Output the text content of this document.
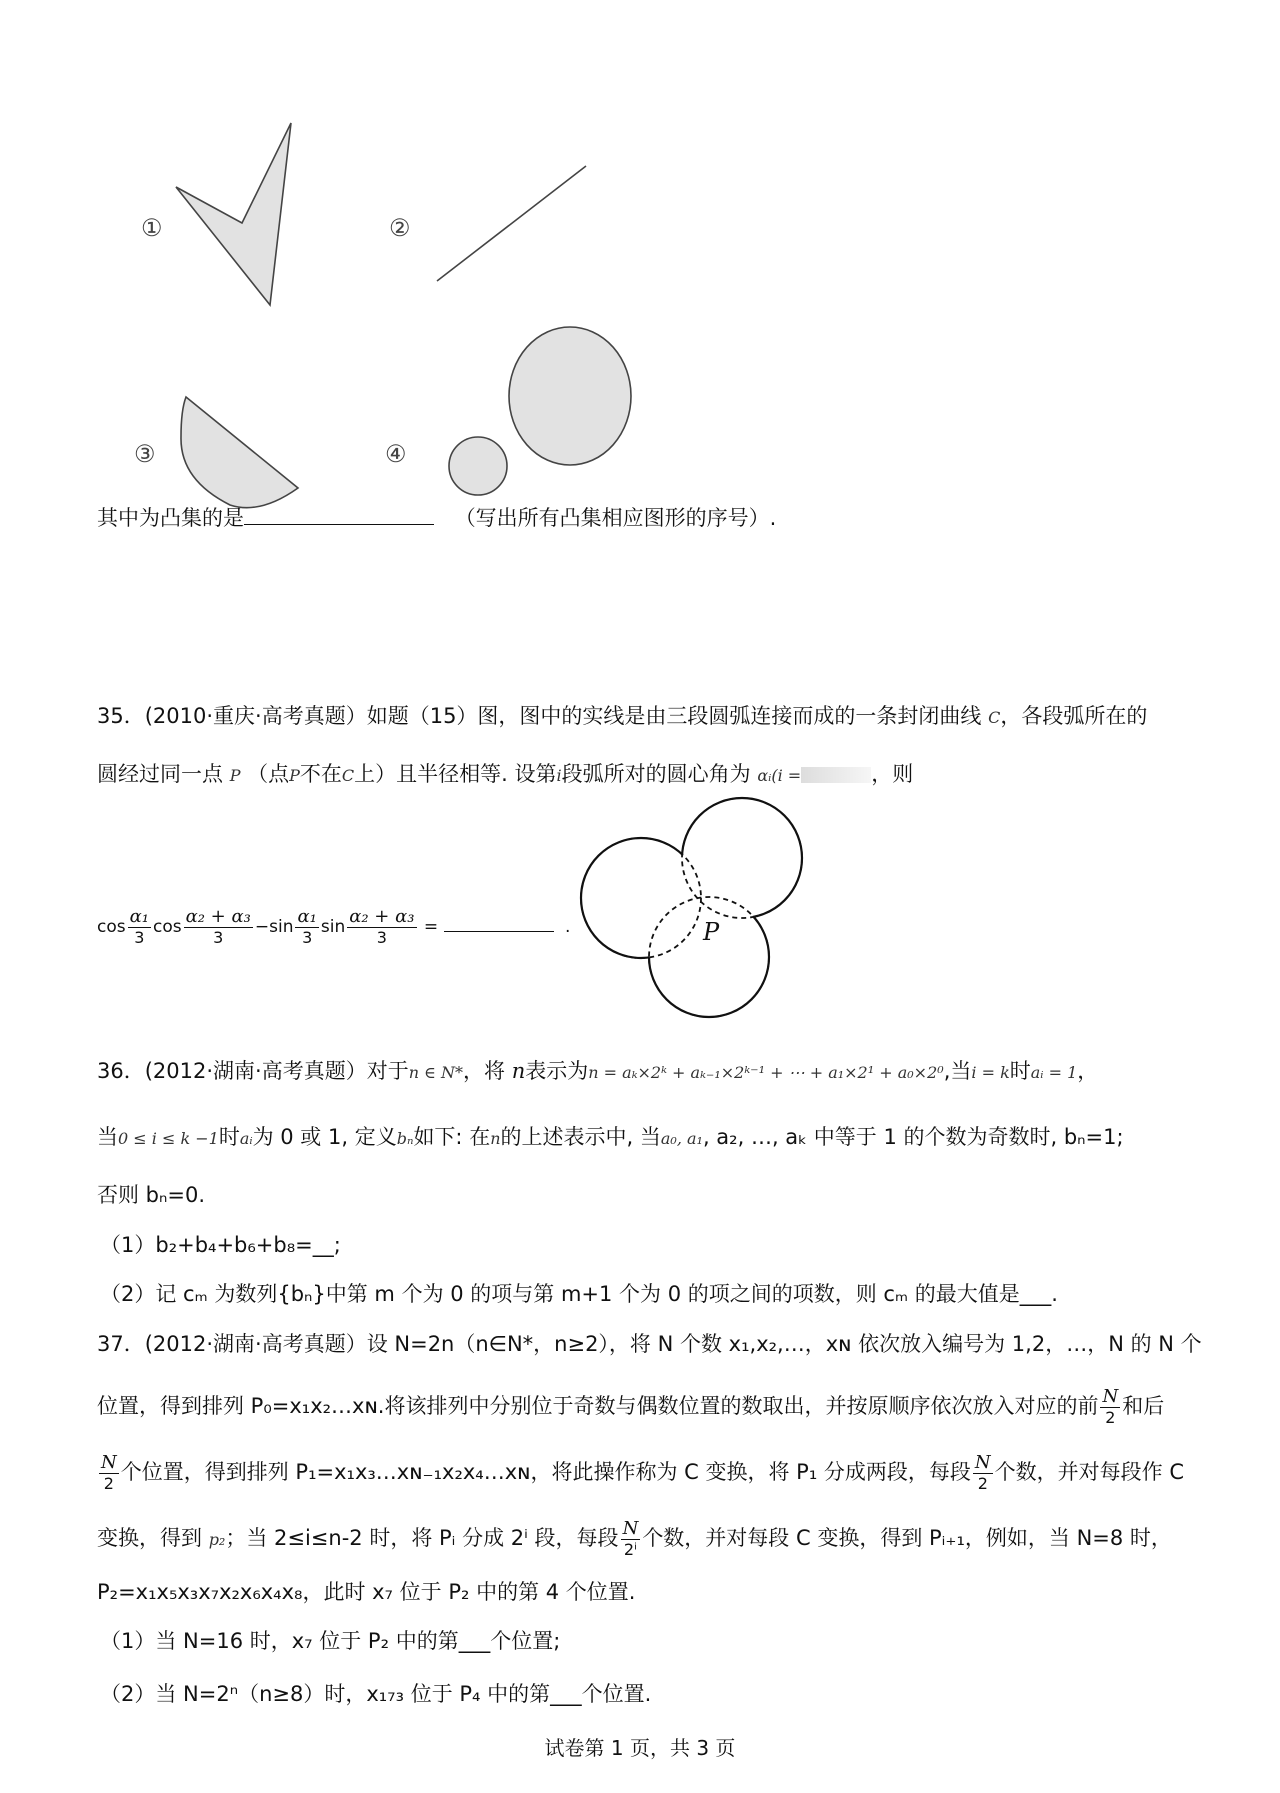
①	②
③	④
P
其中为凸集的是	（写出所有凸集相应图形的序号）.
35．(2010·重庆·高考真题）如题（15）图，图中的实线是由三段圆弧连接而成的一条封闭曲线 C，各段弧所在的
圆经过同一点 P （点P不在C上）且半径相等. 设第i段弧所对的圆心角为 αᵢ(i =	，则
$\cos \frac{\text{α₁}}{3}$ $\cos \frac{\text{α₂ + α₃}}{3} -\sin \frac{\text{α₁}}{3}$ $\sin \frac{\text{α₂ + α₃}}{3}$ =	.
36．(2012·湖南·高考真题）对于n ∈ N*，将 n表示为n = aₖ×2ᵏ + aₖ₋₁×2ᵏ⁻¹ + ⋯ + a₁×2¹ + a₀×2⁰,当i = k时aᵢ = 1，
当0 ≤ i ≤ k −1时aᵢ为 0 或 1, 定义bₙ如下: 在n的上述表示中, 当a₀, a₁, a₂, …, aₖ 中等于 1 的个数为奇数时, bₙ=1;
否则 bₙ=0.
（1）b₂+b₄+b₆+b₈=__;
（2）记 cₘ 为数列{bₙ}中第 m 个为 0 的项与第 m+1 个为 0 的项之间的项数，则 cₘ 的最大值是___.
37．(2012·湖南·高考真题）设 N=2n（n∈N*，n≥2），将 N 个数 x₁,x₂,…，xɴ 依次放入编号为 1,2，…，N 的 N 个
位置，得到排列 P₀=x₁x₂…xɴ.将该排列中分别位于奇数与偶数位置的数取出，并按原顺序依次放入对应的前 $\frac{N}{2}$ 和后
$\frac{N}{2}$ 个位置，得到排列 P₁=x₁x₃…xɴ₋₁x₂x₄…xɴ，将此操作称为 C 变换，将 P₁ 分成两段，每段 $\frac{N}{2}$ 个数，并对每段作 C
变换，得到 p₂；当 2≤i≤n-2 时，将 Pᵢ 分成 2ⁱ 段，每段 $\frac{N}{\text{2ⁱ}}$ 个数，并对每段 C 变换，得到 Pᵢ₊₁，例如，当 N=8 时，
P₂=x₁x₅x₃x₇x₂x₆x₄x₈，此时 x₇ 位于 P₂ 中的第 4 个位置.
（1）当 N=16 时，x₇ 位于 P₂ 中的第___个位置;
（2）当 N=2ⁿ（n≥8）时，x₁₇₃ 位于 P₄ 中的第___个位置.
试卷第 1 页，共 3 页
